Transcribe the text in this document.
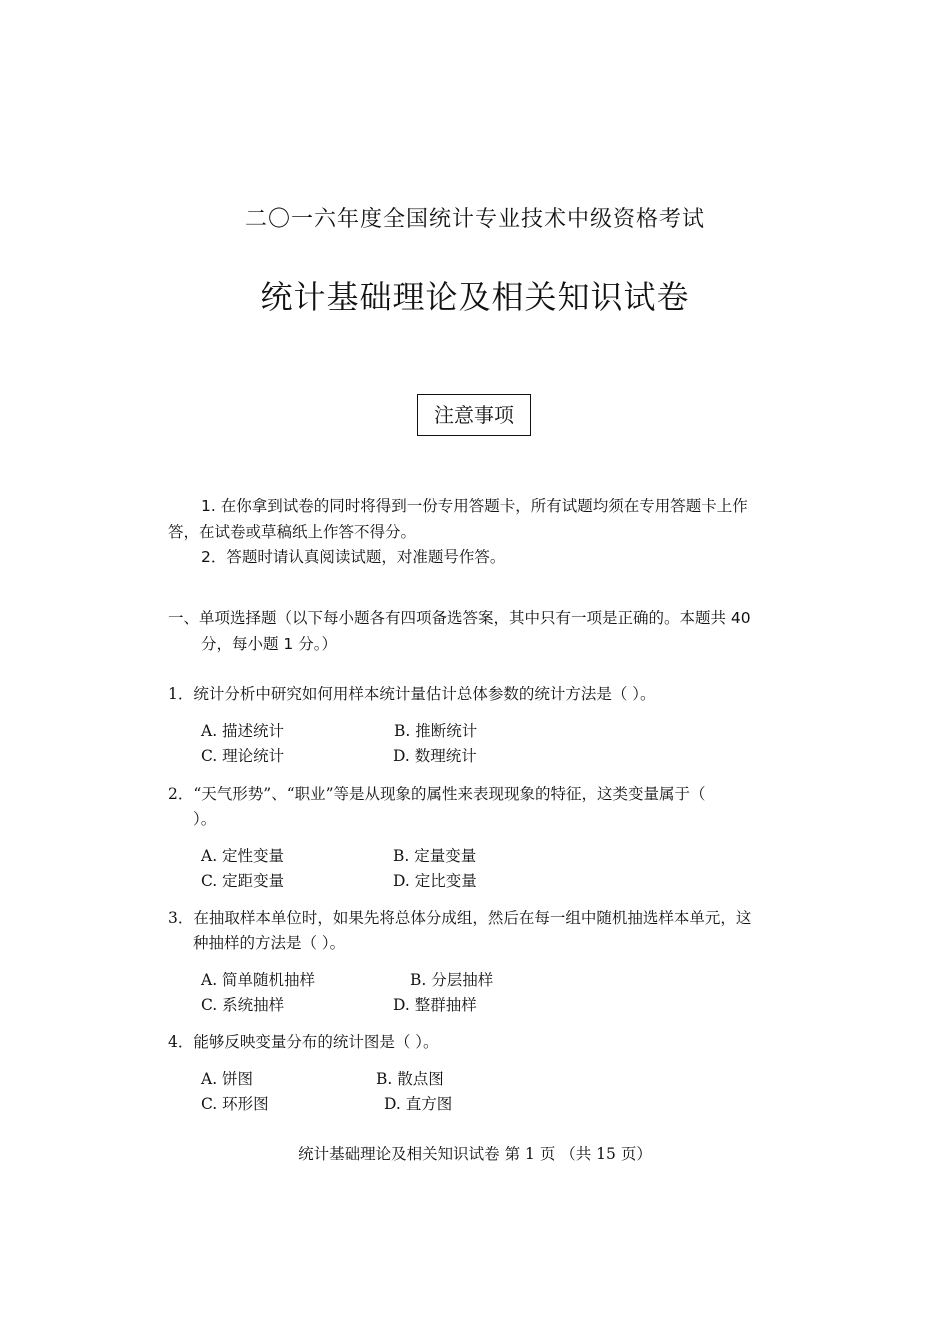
二〇一六年度全国统计专业技术中级资格考试
统计基础理论及相关知识试卷
注意事项
1. 在你拿到试卷的同时将得到一份专用答题卡，所有试题均须在专用答题卡上作
答，在试卷或草稿纸上作答不得分。
2．答题时请认真阅读试题，对准题号作答。
一、单项选择题（以下每小题各有四项备选答案，其中只有一项是正确的。本题共 40
分，每小题 1 分。）
1．统计分析中研究如何用样本统计量估计总体参数的统计方法是（ ）。
A. 描述统计	B. 推断统计
C. 理论统计	D. 数理统计
2．“天气形势”、“职业”等是从现象的属性来表现现象的特征，这类变量属于（
）。
A. 定性变量	B. 定量变量
C. 定距变量	D. 定比变量
3．在抽取样本单位时，如果先将总体分成组，然后在每一组中随机抽选样本单元，这
种抽样的方法是（ ）。
A. 简单随机抽样	B. 分层抽样
C. 系统抽样	D. 整群抽样
4．能够反映变量分布的统计图是（ ）。
A. 饼图	B. 散点图
C. 环形图	D. 直方图
统计基础理论及相关知识试卷 第 1 页 （共 15 页）
